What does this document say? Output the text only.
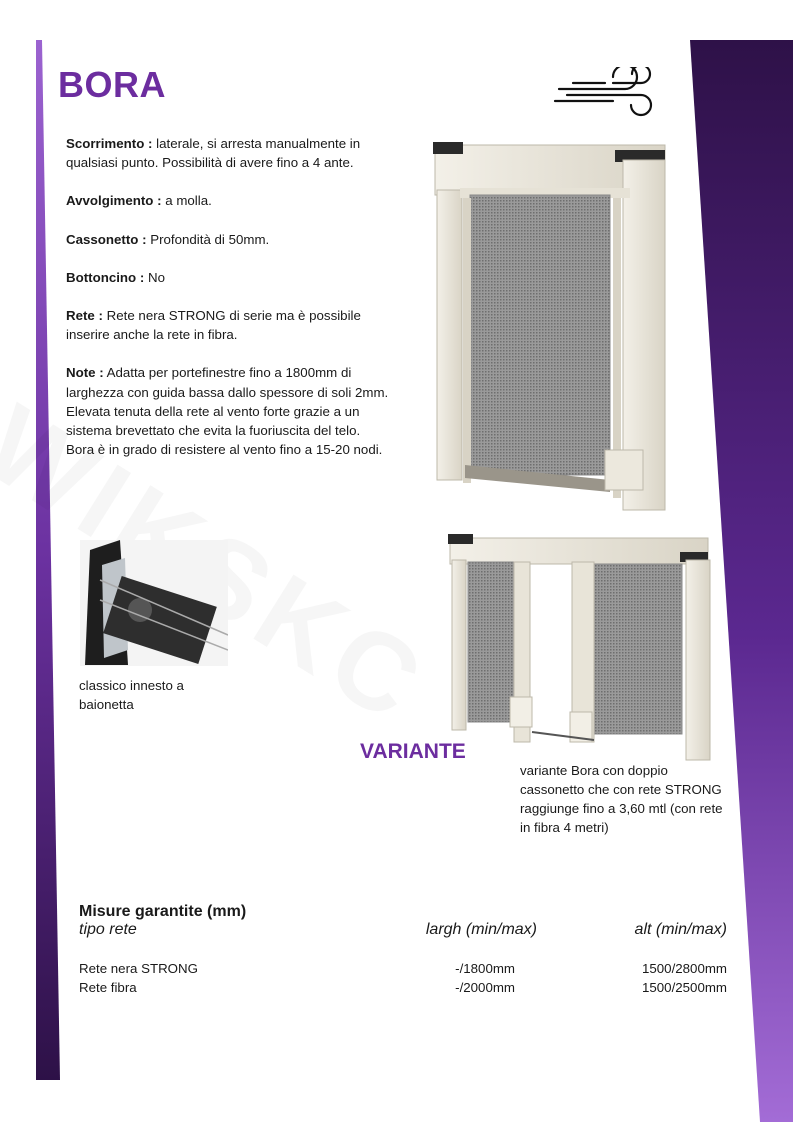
BORA

Scorrimento : laterale, si arresta manualmente in qualsiasi punto. Possibilità di avere fino a 4 ante.

Avvolgimento : a molla.

Cassonetto : Profondità di 50mm.

Bottoncino : No

Rete : Rete nera STRONG di serie ma è possibile inserire anche la rete in fibra.

Note : Adatta per portefinestre fino a 1800mm di larghezza con guida bassa dallo spessore di soli 2mm.
Elevata tenuta della rete al vento forte grazie a un sistema brevettato che evita la fuoriuscita del telo.
Bora è in grado di resistere al vento fino a 15-20 nodi.
classico innesto a baionetta
VARIANTE
variante Bora con doppio cassonetto che con rete STRONG raggiunge fino a 3,60 mtl (con rete in fibra 4 metri)

Misure garantite (mm)

tipo rete	largh (min/max)	alt (min/max)
Rete nera STRONG	-/1800mm	1500/2800mm
Rete fibra	-/2000mm	1500/2500mm
